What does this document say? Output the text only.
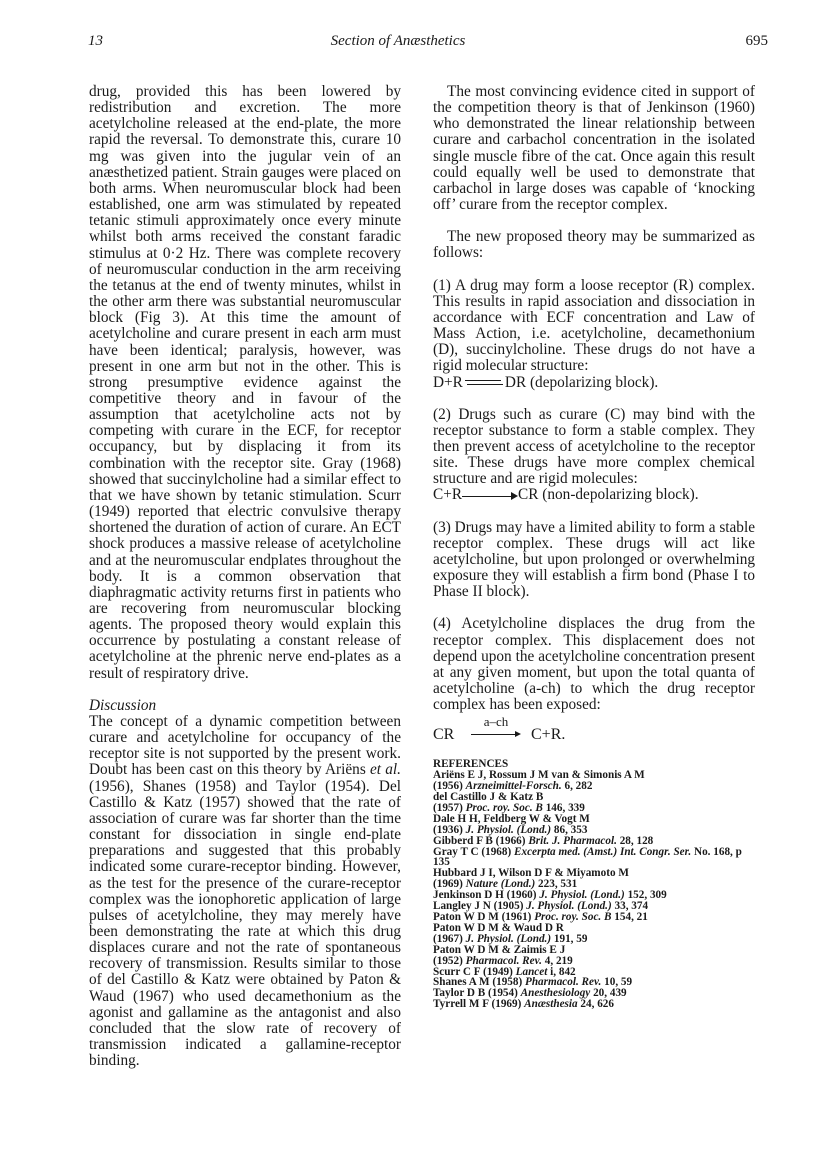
13	Section of Anæsthetics	695

drug, provided this has been lowered by redistribution and excretion. The more acetylcholine released at the end-plate, the more rapid the reversal. To demonstrate this, curare 10 mg was given into the jugular vein of an anæsthetized patient. Strain gauges were placed on both arms. When neuromuscular block had been established, one arm was stimulated by repeated tetanic stimuli approximately once every minute whilst both arms received the constant faradic stimulus at 0·2 Hz. There was complete recovery of neuromuscular conduction in the arm receiving the tetanus at the end of twenty minutes, whilst in the other arm there was substantial neuromuscular block (Fig 3). At this time the amount of acetylcholine and curare present in each arm must have been identical; paralysis, however, was present in one arm but not in the other. This is strong presumptive evidence against the competitive theory and in favour of the assumption that acetylcholine acts not by competing with curare in the ECF, for receptor occupancy, but by displacing it from its combination with the receptor site. Gray (1968) showed that succinylcholine had a similar effect to that we have shown by tetanic stimulation. Scurr (1949) reported that electric convulsive therapy shortened the duration of action of curare. An ECT shock produces a massive release of acetylcholine and at the neuromuscular endplates throughout the body. It is a common observation that diaphragmatic activity returns first in patients who are recovering from neuromuscular blocking agents. The proposed theory would explain this occurrence by postulating a constant release of acetylcholine at the phrenic nerve end-plates as a result of respiratory drive.

Discussion

The concept of a dynamic competition between curare and acetylcholine for occupancy of the receptor site is not supported by the present work. Doubt has been cast on this theory by Ariëns et al. (1956), Shanes (1958) and Taylor (1954). Del Castillo & Katz (1957) showed that the rate of association of curare was far shorter than the time constant for dissociation in single end-plate preparations and suggested that this probably indicated some curare-receptor binding. However, as the test for the presence of the curare-receptor complex was the ionophoretic application of large pulses of acetylcholine, they may merely have been demonstrating the rate at which this drug displaces curare and not the rate of spontaneous recovery of transmission. Results similar to those of del Castillo & Katz were obtained by Paton & Waud (1967) who used decamethonium as the agonist and gallamine as the antagonist and also concluded that the slow rate of recovery of transmission indicated a gallamine-receptor binding.

The most convincing evidence cited in support of the competition theory is that of Jenkinson (1960) who demonstrated the linear relationship between curare and carbachol concentration in the isolated single muscle fibre of the cat. Once again this result could equally well be used to demonstrate that carbachol in large doses was capable of ‘knocking off’ curare from the receptor complex.

The new proposed theory may be summarized as follows:

(1) A drug may form a loose receptor (R) complex. This results in rapid association and dissociation in accordance with ECF concentration and Law of Mass Action, i.e. acetylcholine, decamethonium (D), succinylcholine. These drugs do not have a rigid molecular structure:

D+R	DR (depolarizing block).

(2) Drugs such as curare (C) may bind with the receptor substance to form a stable complex. They then prevent access of acetylcholine to the receptor site. These drugs have more complex chemical structure and are rigid molecules:

C+R	CR (non-depolarizing block).

(3) Drugs may have a limited ability to form a stable receptor complex. These drugs will act like acetylcholine, but upon prolonged or overwhelming exposure they will establish a firm bond (Phase I to Phase II block).

(4) Acetylcholine displaces the drug from the receptor complex. This displacement does not depend upon the acetylcholine concentration present at any given moment, but upon the total quanta of acetylcholine (a-ch) to which the drug receptor complex has been exposed:

CR
a–ch
C+R.
REFERENCES
Ariëns E J, Rossum J M van & Simonis A M
(1956) Arzneimittel-Forsch. 6, 282
del Castillo J & Katz B
(1957) Proc. roy. Soc. B 146, 339
Dale H H, Feldberg W & Vogt M
(1936) J. Physiol. (Lond.) 86, 353
Gibberd F B (1966) Brit. J. Pharmacol. 28, 128
Gray T C (1968) Excerpta med. (Amst.) Int. Congr. Ser. No. 168, p 135
Hubbard J I, Wilson D F & Miyamoto M
(1969) Nature (Lond.) 223, 531
Jenkinson D H (1960) J. Physiol. (Lond.) 152, 309
Langley J N (1905) J. Physiol. (Lond.) 33, 374
Paton W D M (1961) Proc. roy. Soc. B 154, 21
Paton W D M & Waud D R
(1967) J. Physiol. (Lond.) 191, 59
Paton W D M & Zaimis E J
(1952) Pharmacol. Rev. 4, 219
Scurr C F (1949) Lancet i, 842
Shanes A M (1958) Pharmacol. Rev. 10, 59
Taylor D B (1954) Anesthesiology 20, 439
Tyrrell M F (1969) Anæsthesia 24, 626
